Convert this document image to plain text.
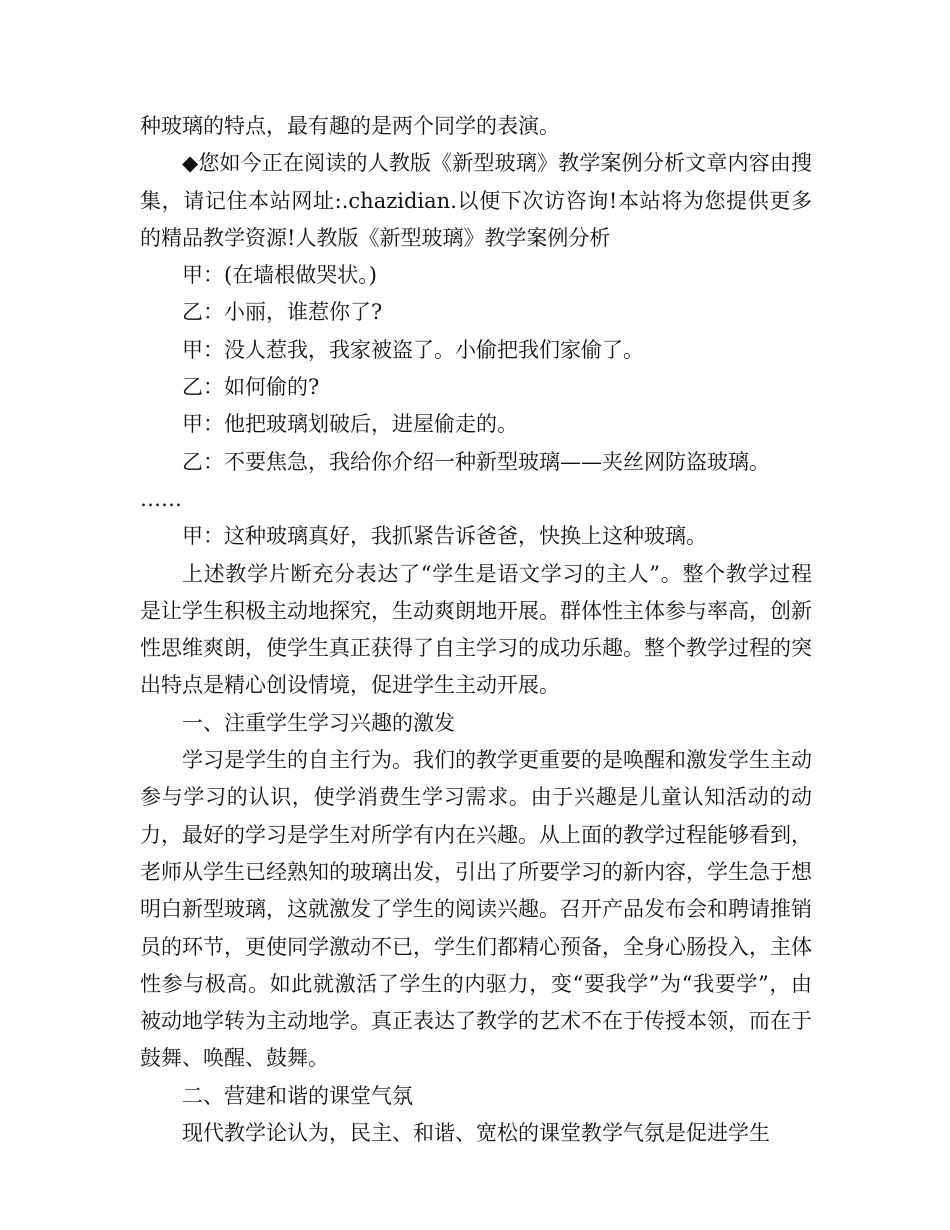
种玻璃的特点，最有趣的是两个同学的表演。

◆您如今正在阅读的人教版《新型玻璃》教学案例分析文章内容由搜集，请记住本站网址:.chazidian.以便下次访咨询!本站将为您提供更多的精品教学资源!人教版《新型玻璃》教学案例分析

甲：(在墙根做哭状。)

乙：小丽，谁惹你了?

甲：没人惹我，我家被盗了。小偷把我们家偷了。

乙：如何偷的?

甲：他把玻璃划破后，进屋偷走的。

乙：不要焦急，我给你介绍一种新型玻璃——夹丝网防盗玻璃。

……

甲：这种玻璃真好，我抓紧告诉爸爸，快换上这种玻璃。

上述教学片断充分表达了“学生是语文学习的主人”。整个教学过程是让学生积极主动地探究，生动爽朗地开展。群体性主体参与率高，创新性思维爽朗，使学生真正获得了自主学习的成功乐趣。整个教学过程的突出特点是精心创设情境，促进学生主动开展。

一、注重学生学习兴趣的激发

学习是学生的自主行为。我们的教学更重要的是唤醒和激发学生主动参与学习的认识，使学消费生学习需求。由于兴趣是儿童认知活动的动力，最好的学习是学生对所学有内在兴趣。从上面的教学过程能够看到，老师从学生已经熟知的玻璃出发，引出了所要学习的新内容，学生急于想明白新型玻璃，这就激发了学生的阅读兴趣。召开产品发布会和聘请推销员的环节，更使同学激动不已，学生们都精心预备，全身心肠投入，主体性参与极高。如此就激活了学生的内驱力，变“要我学”为“我要学”，由被动地学转为主动地学。真正表达了教学的艺术不在于传授本领，而在于鼓舞、唤醒、鼓舞。

二、营建和谐的课堂气氛

现代教学论认为，民主、和谐、宽松的课堂教学气氛是促进学生
